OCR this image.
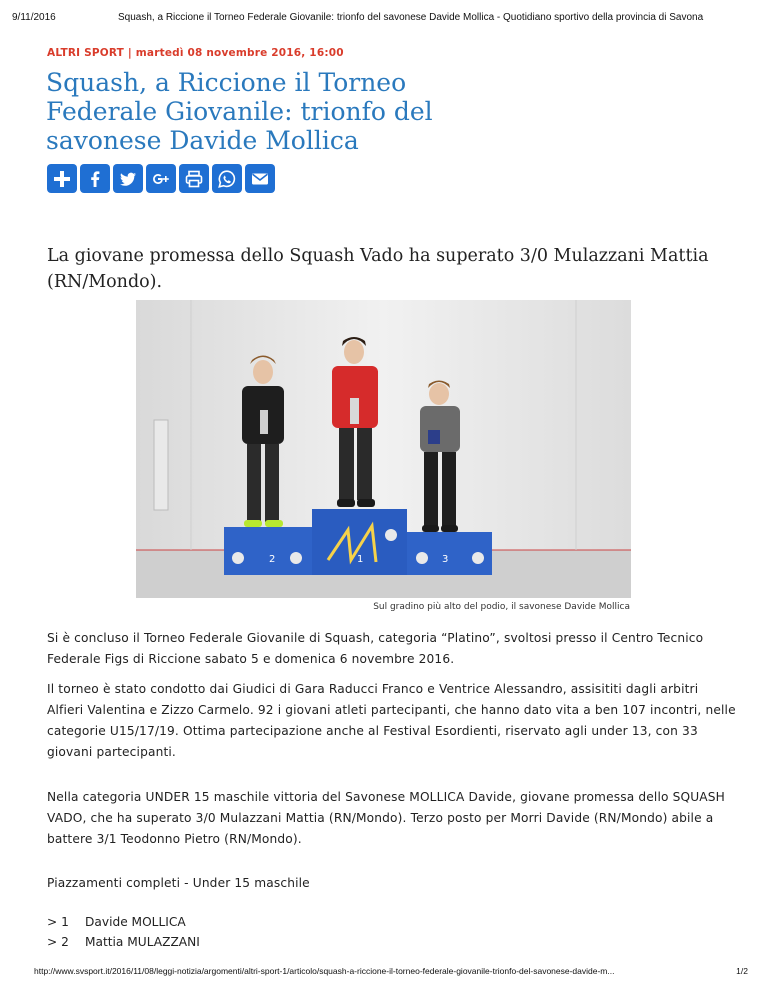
9/11/2016	Squash, a Riccione il Torneo Federale Giovanile: trionfo del savonese Davide Mollica - Quotidiano sportivo della provincia di Savona
ALTRI SPORT | martedì 08 novembre 2016, 16:00
Squash, a Riccione il Torneo Federale Giovanile: trionfo del savonese Davide Mollica

La giovane promessa dello Squash Vado ha superato 3/0 Mulazzani Mattia (RN/Mondo).

2	1	3
Sul gradino più alto del podio, il savonese Davide Mollica

Si è concluso il Torneo Federale Giovanile di Squash, categoria “Platino”, svoltosi presso il Centro Tecnico Federale Figs di Riccione sabato 5 e domenica 6 novembre 2016.

Il torneo è stato condotto dai Giudici di Gara Raducci Franco e Ventrice Alessandro, assisititi dagli arbitri Alfieri Valentina e Zizzo Carmelo. 92 i giovani atleti partecipanti, che hanno dato vita a ben 107 incontri, nelle categorie U15/17/19. Ottima partecipazione anche al Festival Esordienti, riservato agli under 13, con 33 giovani partecipanti.

Nella categoria UNDER 15 maschile vittoria del Savonese MOLLICA Davide, giovane promessa dello SQUASH VADO, che ha superato 3/0 Mulazzani Mattia (RN/Mondo). Terzo posto per Morri Davide (RN/Mondo) abile a battere 3/1 Teodonno Pietro (RN/Mondo).

Piazzamenti completi - Under 15 maschile

> 1	Davide MOLLICA
> 2	Mattia MULAZZANI
http://www.svsport.it/2016/11/08/leggi-notizia/argomenti/altri-sport-1/articolo/squash-a-riccione-il-torneo-federale-giovanile-trionfo-del-savonese-davide-m...	1/2
